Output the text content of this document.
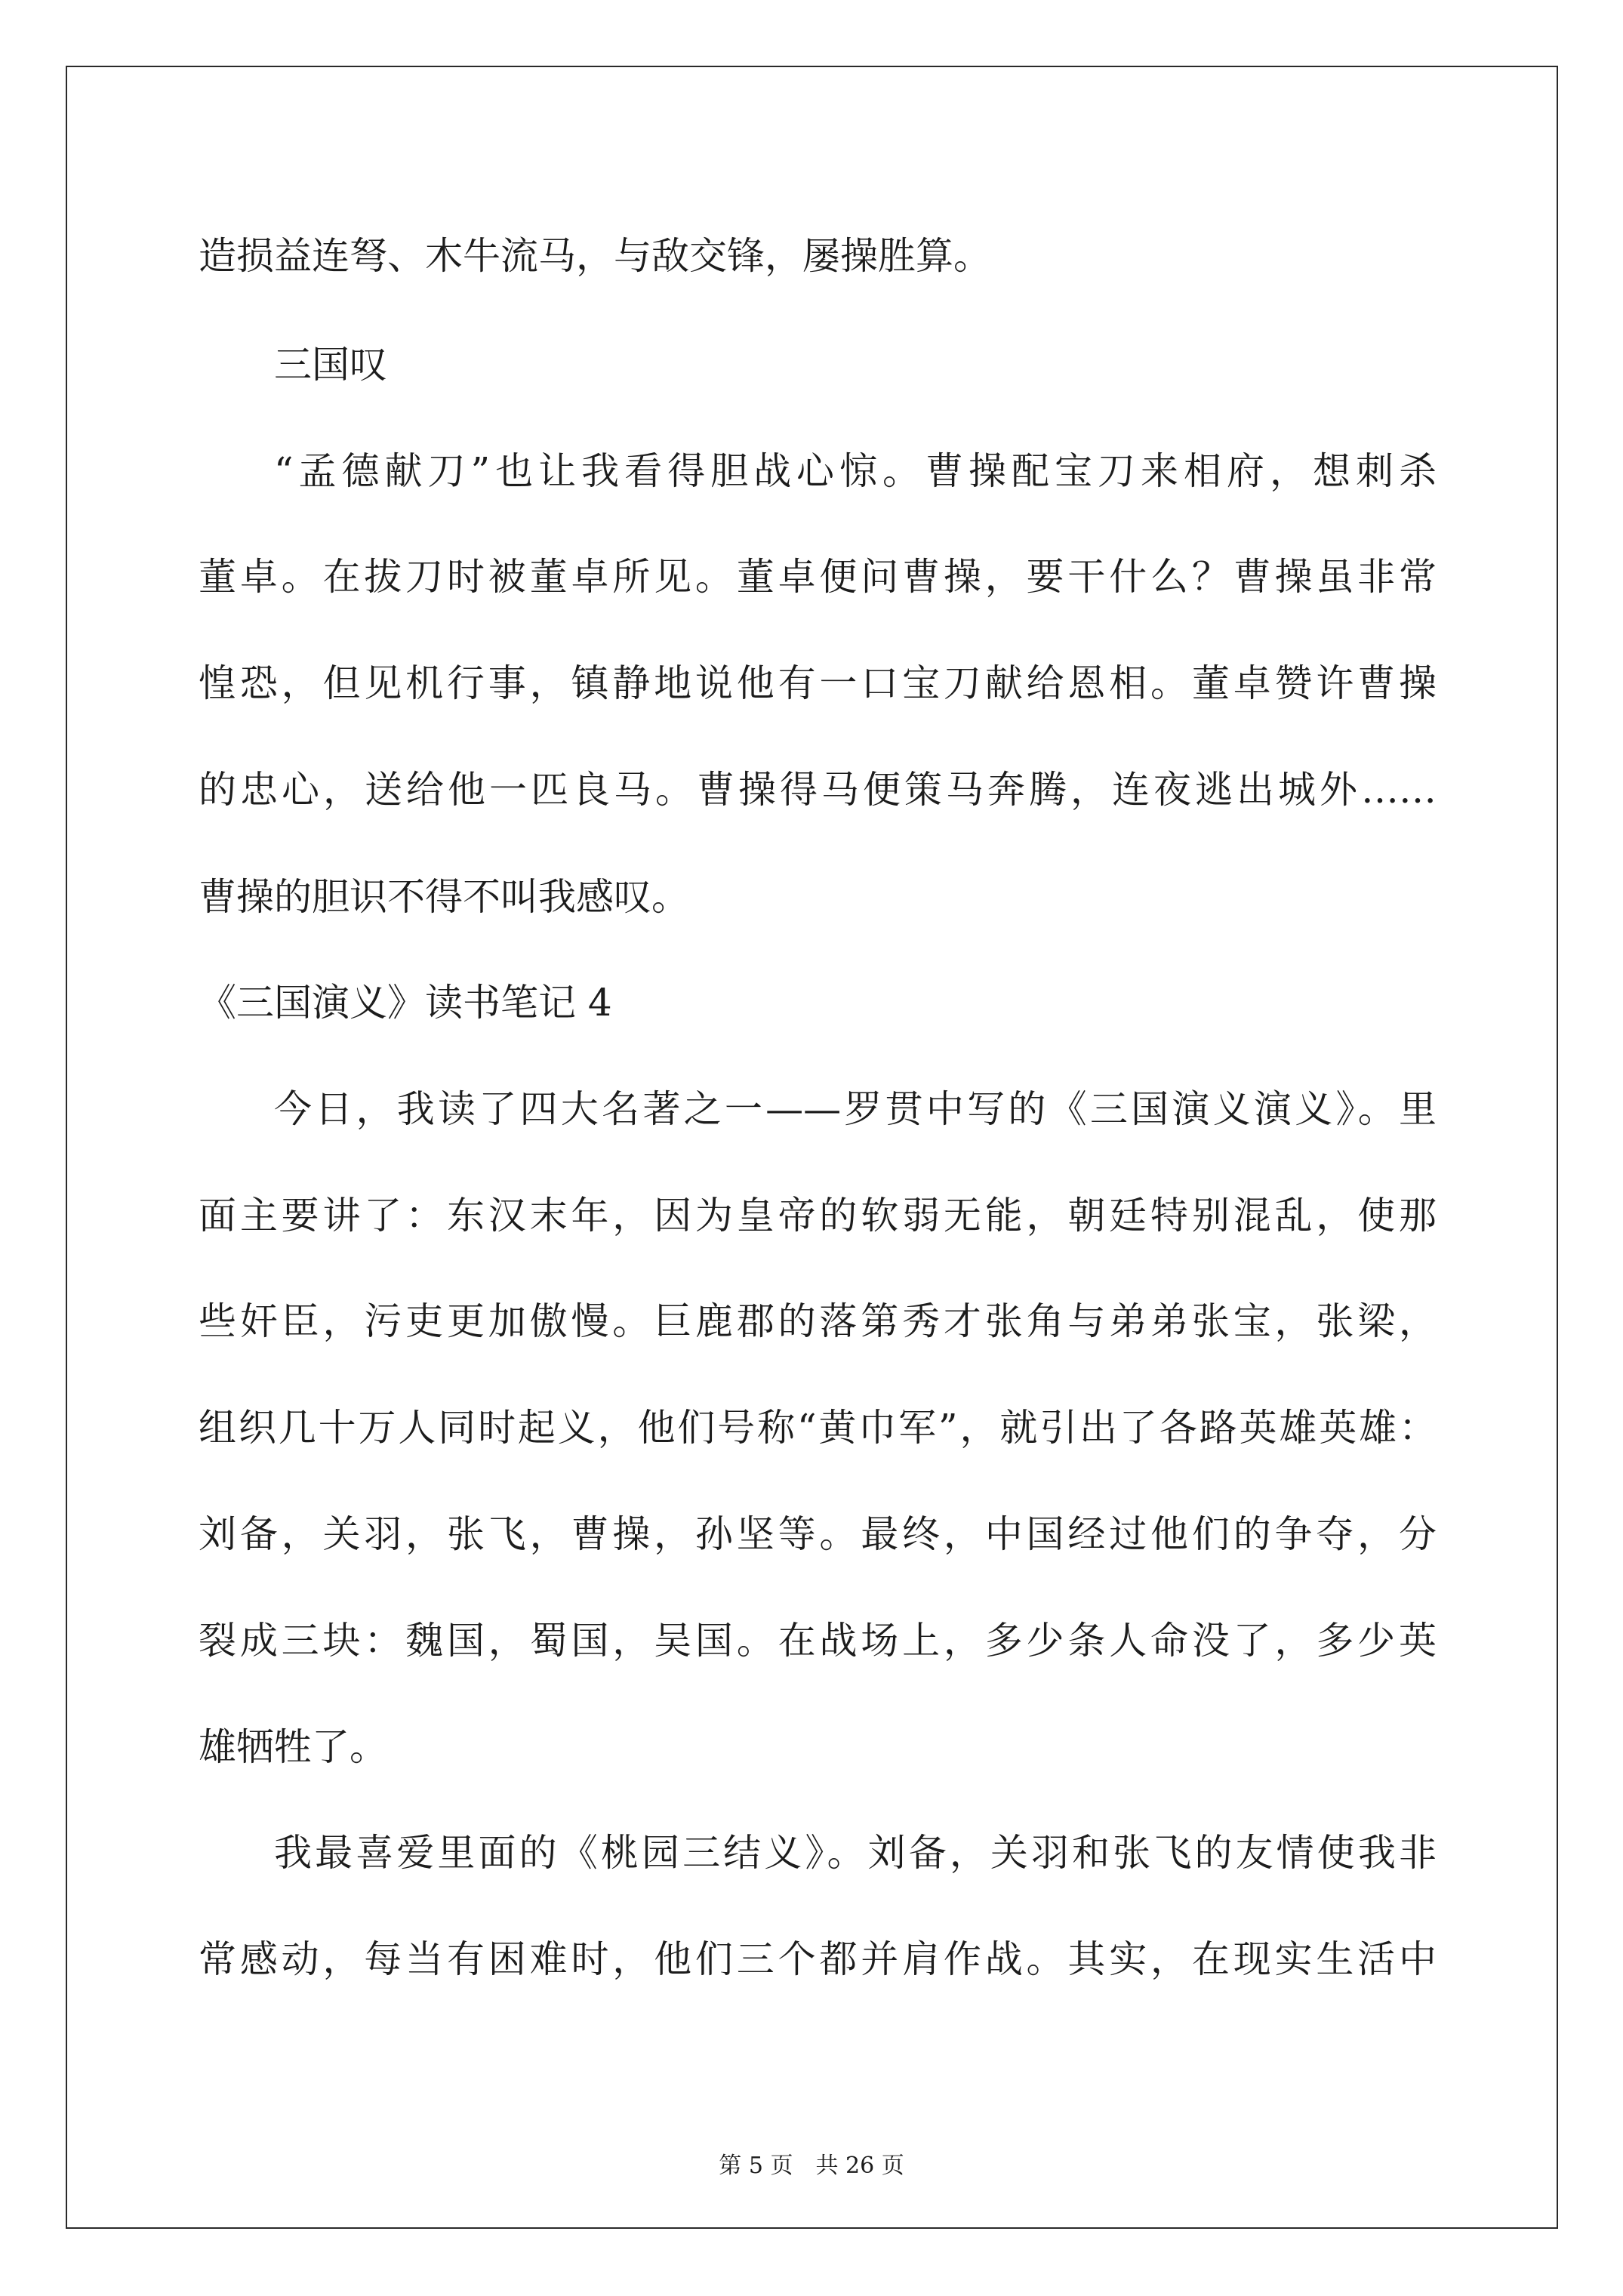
造损益连弩、木牛流马，与敌交锋，屡操胜算。
三国叹
“孟德献刀”也让我看得胆战心惊。曹操配宝刀来相府，想刺杀
董卓。在拔刀时被董卓所见。董卓便问曹操，要干什么？曹操虽非常
惶恐，但见机行事，镇静地说他有一口宝刀献给恩相。董卓赞许曹操
的忠心，送给他一匹良马。曹操得马便策马奔腾，连夜逃出城外……
曹操的胆识不得不叫我感叹。
《三国演义》读书笔记 4
今日，我读了四大名著之一——罗贯中写的《三国演义演义》。里
面主要讲了：东汉末年，因为皇帝的软弱无能，朝廷特别混乱，使那
些奸臣，污吏更加傲慢。巨鹿郡的落第秀才张角与弟弟张宝，张梁，
组织几十万人同时起义，他们号称“黄巾军”，就引出了各路英雄英雄：
刘备，关羽，张飞，曹操，孙坚等。最终，中国经过他们的争夺，分
裂成三块：魏国，蜀国，吴国。在战场上，多少条人命没了，多少英
雄牺牲了。
我最喜爱里面的《桃园三结义》。刘备，关羽和张飞的友情使我非
常感动，每当有困难时，他们三个都并肩作战。其实，在现实生活中
第 5 页　共 26 页
